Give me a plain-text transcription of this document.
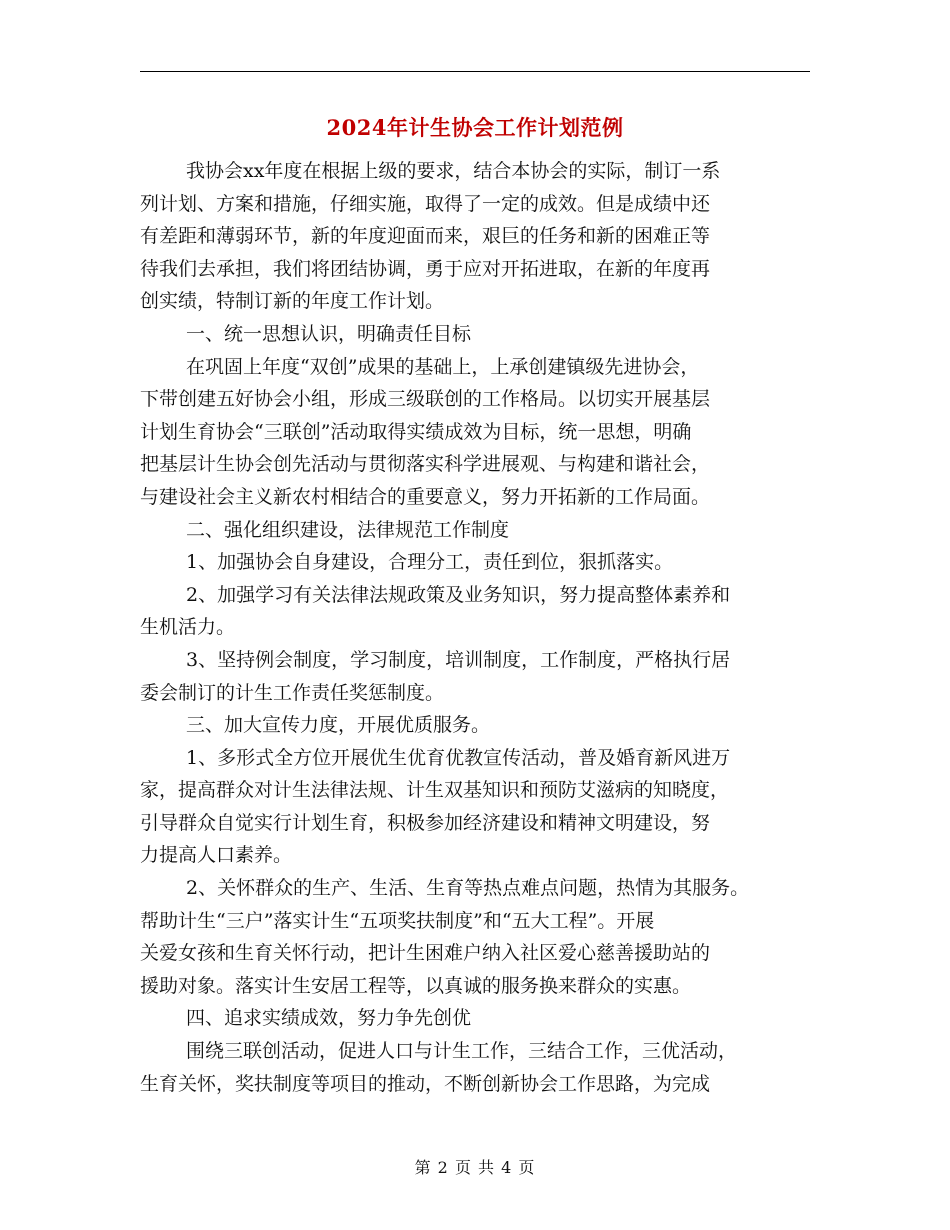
2024年计生协会工作计划范例
我协会xx年度在根据上级的要求，结合本协会的实际，制订一系
列计划、方案和措施，仔细实施，取得了一定的成效。但是成绩中还
有差距和薄弱环节，新的年度迎面而来，艰巨的任务和新的困难正等
待我们去承担，我们将团结协调，勇于应对开拓进取，在新的年度再
创实绩，特制订新的年度工作计划。
一、统一思想认识，明确责任目标
在巩固上年度“双创”成果的基础上，上承创建镇级先进协会，
下带创建五好协会小组，形成三级联创的工作格局。以切实开展基层
计划生育协会“三联创”活动取得实绩成效为目标，统一思想，明确
把基层计生协会创先活动与贯彻落实科学进展观、与构建和谐社会，
与建设社会主义新农村相结合的重要意义，努力开拓新的工作局面。
二、强化组织建设，法律规范工作制度
1、加强协会自身建设，合理分工，责任到位，狠抓落实。
2、加强学习有关法律法规政策及业务知识，努力提高整体素养和
生机活力。
3、坚持例会制度，学习制度，培训制度，工作制度，严格执行居
委会制订的计生工作责任奖惩制度。
三、加大宣传力度，开展优质服务。
1、多形式全方位开展优生优育优教宣传活动，普及婚育新风进万
家，提高群众对计生法律法规、计生双基知识和预防艾滋病的知晓度，
引导群众自觉实行计划生育，积极参加经济建设和精神文明建设，努
力提高人口素养。
2、关怀群众的生产、生活、生育等热点难点问题，热情为其服务。
帮助计生“三户”落实计生“五项奖扶制度”和“五大工程”。开展
关爱女孩和生育关怀行动，把计生困难户纳入社区爱心慈善援助站的
援助对象。落实计生安居工程等，以真诚的服务换来群众的实惠。
四、追求实绩成效，努力争先创优
围绕三联创活动，促进人口与计生工作，三结合工作，三优活动，
生育关怀，奖扶制度等项目的推动，不断创新协会工作思路，为完成
第 2 页 共 4 页
